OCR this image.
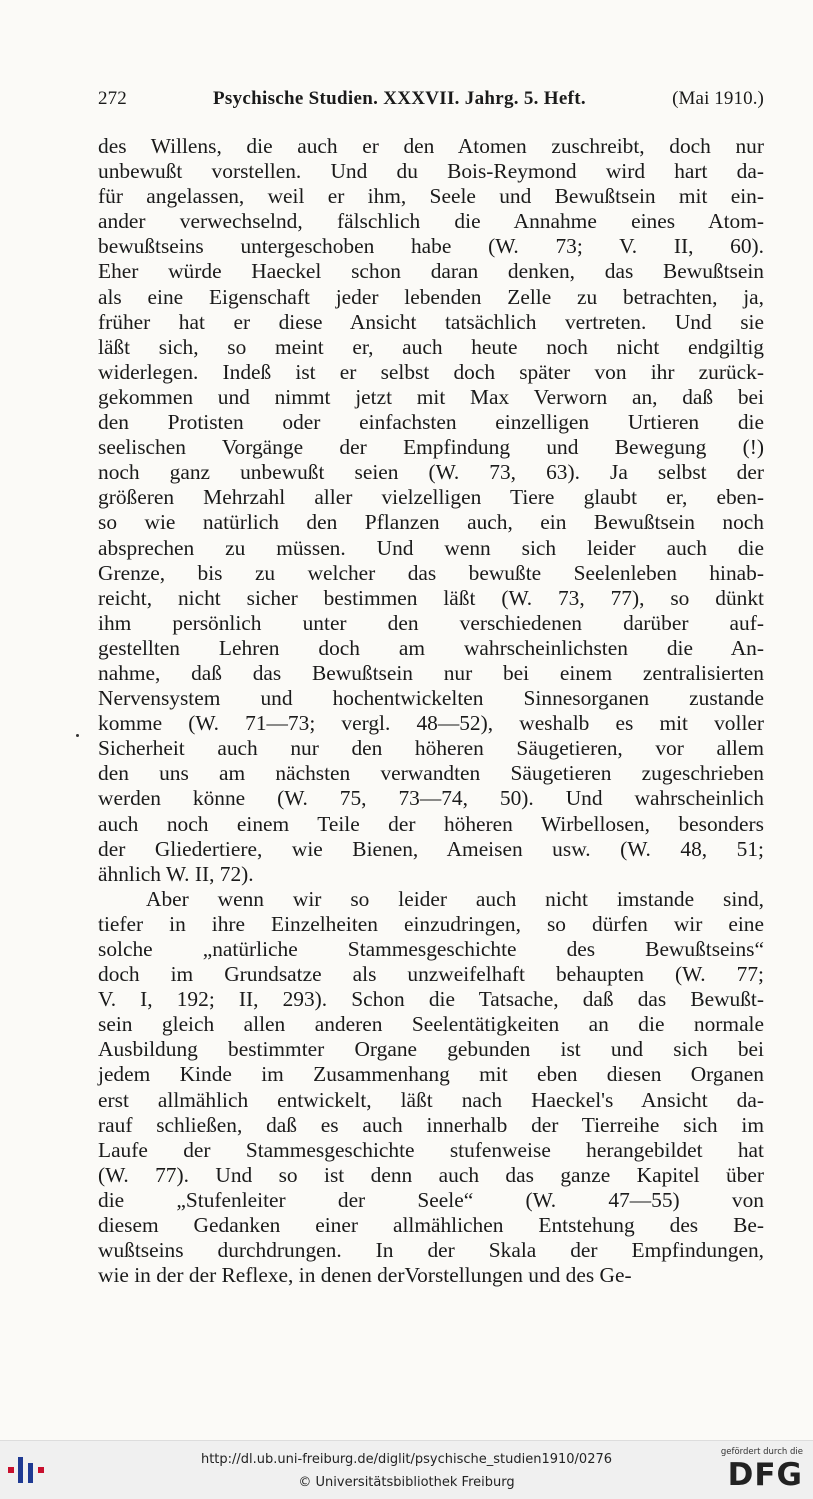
272	Psychische Studien. XXXVII. Jahrg. 5. Heft.	(Mai 1910.)
des Willens, die auch er den Atomen zuschreibt, doch nur
unbewußt vorstellen. Und du Bois-Reymond wird hart da-
für angelassen, weil er ihm, Seele und Bewußtsein mit ein-
ander verwechselnd, fälschlich die Annahme eines Atom-
bewußtseins untergeschoben habe (W. 73; V. II, 60).
Eher würde Haeckel schon daran denken, das Bewußtsein
als eine Eigenschaft jeder lebenden Zelle zu betrachten, ja,
früher hat er diese Ansicht tatsächlich vertreten. Und sie
läßt sich, so meint er, auch heute noch nicht endgiltig
widerlegen. Indeß ist er selbst doch später von ihr zurück-
gekommen und nimmt jetzt mit Max Verworn an, daß bei
den Protisten oder einfachsten einzelligen Urtieren die
seelischen Vorgänge der Empfindung und Bewegung (!)
noch ganz unbewußt seien (W. 73, 63). Ja selbst der
größeren Mehrzahl aller vielzelligen Tiere glaubt er, eben-
so wie natürlich den Pflanzen auch, ein Bewußtsein noch
absprechen zu müssen. Und wenn sich leider auch die
Grenze, bis zu welcher das bewußte Seelenleben hinab-
reicht, nicht sicher bestimmen läßt (W. 73, 77), so dünkt
ihm persönlich unter den verschiedenen darüber auf-
gestellten Lehren doch am wahrscheinlichsten die An-
nahme, daß das Bewußtsein nur bei einem zentralisierten
Nervensystem und hochentwickelten Sinnesorganen zustande
komme (W. 71—73; vergl. 48—52), weshalb es mit voller
Sicherheit auch nur den höheren Säugetieren, vor allem
den uns am nächsten verwandten Säugetieren zugeschrieben
werden könne (W. 75, 73—74, 50). Und wahrscheinlich
auch noch einem Teile der höheren Wirbellosen, besonders
der Gliedertiere, wie Bienen, Ameisen usw. (W. 48, 51;
ähnlich W. II, 72).
Aber wenn wir so leider auch nicht imstande sind,
tiefer in ihre Einzelheiten einzudringen, so dürfen wir eine
solche „natürliche Stammesgeschichte des Bewußtseins“
doch im Grundsatze als unzweifelhaft behaupten (W. 77;
V. I, 192; II, 293). Schon die Tatsache, daß das Bewußt-
sein gleich allen anderen Seelentätigkeiten an die normale
Ausbildung bestimmter Organe gebunden ist und sich bei
jedem Kinde im Zusammenhang mit eben diesen Organen
erst allmählich entwickelt, läßt nach Haeckel's Ansicht da-
rauf schließen, daß es auch innerhalb der Tierreihe sich im
Laufe der Stammesgeschichte stufenweise herangebildet hat
(W. 77). Und so ist denn auch das ganze Kapitel über
die „Stufenleiter der Seele“ (W. 47—55) von
diesem Gedanken einer allmählichen Entstehung des Be-
wußtseins durchdrungen. In der Skala der Empfindungen,
wie in der der Reflexe, in denen derVorstellungen und des Ge-
http://dl.ub.uni-freiburg.de/diglit/psychische_studien1910/0276
© Universitätsbibliothek Freiburg
gefördert durch die
DFG
